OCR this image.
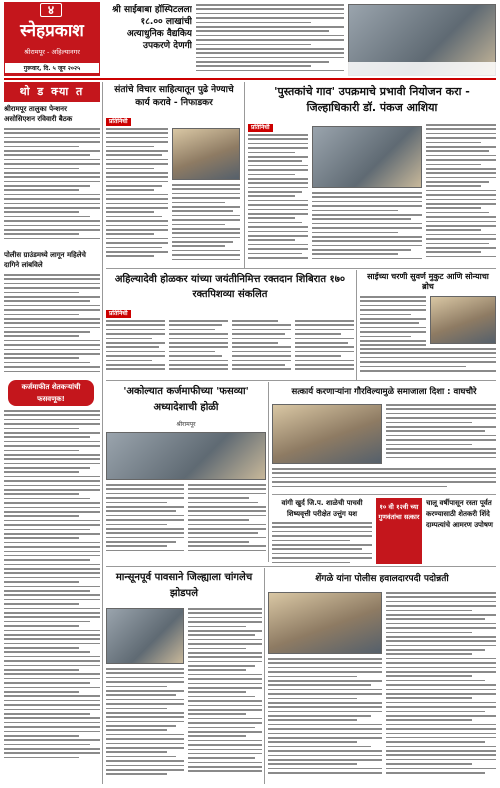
४
स्नेहप्रकाश
श्रीरामपूर - अहिल्यानगर
गुरूवार, दि. ५ जून २०२५
श्री साईबाबा हॉस्पिटलला १८.०० लाखांची अत्याधुनिक वैद्यकिय उपकरणे देणगी
थो ड क्या त
श्रीरामपूर तालुका पेन्शनर असोसिएशन रविवारी बैठक
पोलीस ग्राउंडमध्ये लागून महिलेचे दागिने लांबविले
कर्जमाफीत शेतकऱ्यांची फसवणूक!
संतांचे विचार साहित्यातून पुढे नेण्याचे कार्य करावे - निफाडकर
प्रतिनिधी
'पुस्तकांचे गाव' उपक्रमाचे प्रभावी नियोजन करा - जिल्हाधिकारी डॉ. पंकज आशिया
प्रतिनिधी
अहिल्यादेवी होळकर यांच्या जयंतीनिमित्त रक्तदान शिबिरात १७० रक्तपिशव्या संकलित
प्रतिनिधी
साईच्या चरणी सुवर्ण मुकुट आणि सोन्याचा ब्रोच
'अकोल्यात कर्जमाफीच्या 'फसव्या' अध्यादेशाची होळी
श्रीरामपूर
सत्कार्य करणाऱ्यांना गौरविल्यामुळे समाजाला दिशा : वाघचौरे
वांगी खुर्द जि.प. शाळेची पाचवी शिष्यवृत्ती परीक्षेत उत्तुंग यश
१० वी १२वी च्या गुणवंतांचा सत्कार
चालू वर्षीपासून रस्ता पूर्वत करण्यासाठी शेतकरी शिंदे दाम्पत्यांचे आमरण उपोषण
मान्सूनपूर्व पावसाने जिल्ह्याला चांगलेच झोडपले
शेंगळे यांना पोलीस हवालदारपदी पदोन्नती
